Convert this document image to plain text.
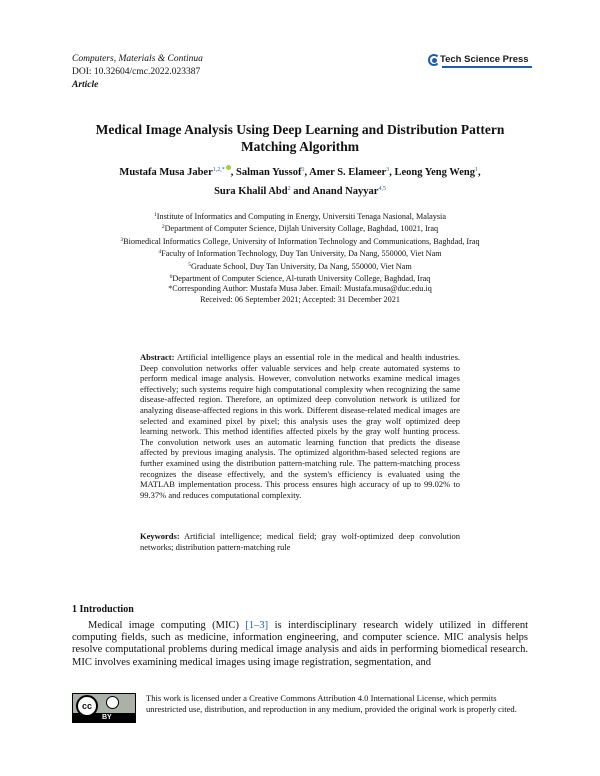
Computers, Materials & Continua
DOI: 10.32604/cmc.2022.023387
Article
Tech Science Press
Medical Image Analysis Using Deep Learning and Distribution Pattern Matching Algorithm
Mustafa Musa Jaber$^{1,2,*}$ , Salman Yussof$^1$, Amer S. Elameer$^3$, Leong Yeng Weng$^1$,
Sura Khalil Abd$^2$ and Anand Nayyar$^{4,5}$
$^1$Institute of Informatics and Computing in Energy, Universiti Tenaga Nasional, Malaysia
$^2$Department of Computer Science, Dijlah University Collage, Baghdad, 10021, Iraq
$^3$Biomedical Informatics College, University of Information Technology and Communications, Baghdad, Iraq
$^4$Faculty of Information Technology, Duy Tan University, Da Nang, 550000, Viet Nam
$^5$Graduate School, Duy Tan University, Da Nang, 550000, Viet Nam
$^6$Department of Computer Science, Al-turath University College, Baghdad, Iraq
*Corresponding Author: Mustafa Musa Jaber. Email: Mustafa.musa@duc.edu.iq
Received: 06 September 2021; Accepted: 31 December 2021
Abstract: Artificial intelligence plays an essential role in the medical and health industries. Deep convolution networks offer valuable services and help create automated systems to perform medical image analysis. However, convolution networks examine medical images effectively; such systems require high computational complexity when recognizing the same disease-affected region. Therefore, an optimized deep convolution network is utilized for analyzing disease-affected regions in this work. Different disease-related medical images are selected and examined pixel by pixel; this analysis uses the gray wolf optimized deep learning network. This method identifies affected pixels by the gray wolf hunting process. The convolution network uses an automatic learning function that predicts the disease affected by previous imaging analysis. The optimized algorithm-based selected regions are further examined using the distribution pattern-matching rule. The pattern-matching process recognizes the disease effectively, and the system's efficiency is evaluated using the MATLAB implementation process. This process ensures high accuracy of up to 99.02% to 99.37% and reduces computational complexity.
Keywords: Artificial intelligence; medical field; gray wolf-optimized deep convolution networks; distribution pattern-matching rule
1 Introduction
Medical image computing (MIC) [1–3] is interdisciplinary research widely utilized in different computing fields, such as medicine, information engineering, and computer science. MIC analysis helps resolve computational problems during medical image analysis and aids in performing biomedical research. MIC involves examining medical images using image registration, segmentation, and
cc
BY
This work is licensed under a Creative Commons Attribution 4.0 International License, which permits unrestricted use, distribution, and reproduction in any medium, provided the original work is properly cited.
